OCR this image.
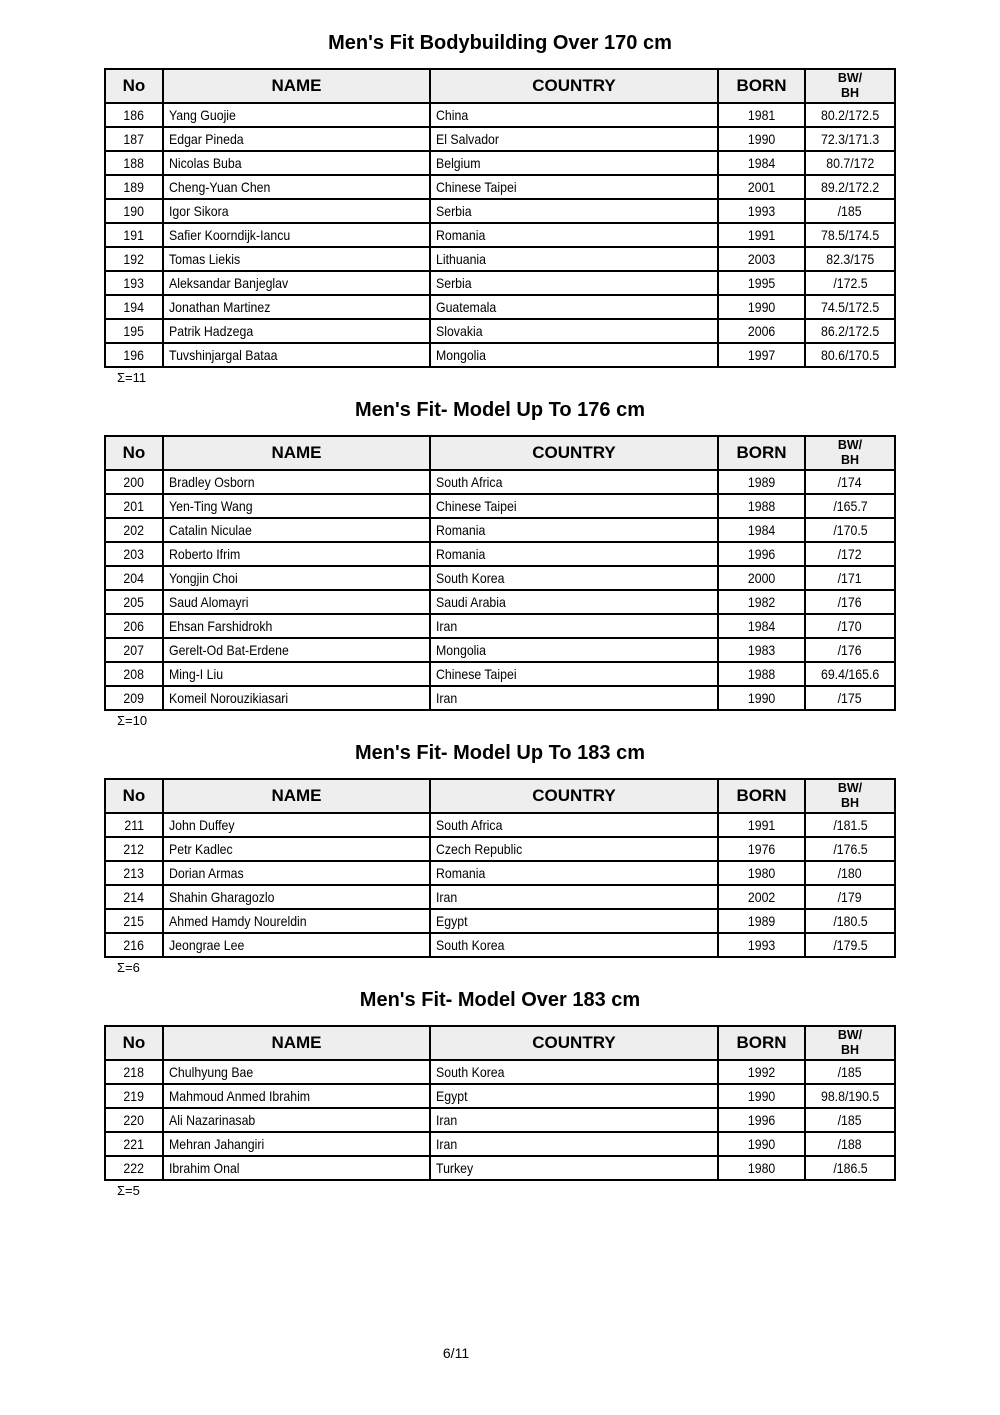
Men's Fit Bodybuilding Over 170 cm
No	NAME	COUNTRY	BORN	BW/
BH
186	Yang Guojie	China	1981	80.2/172.5
187	Edgar Pineda	El Salvador	1990	72.3/171.3
188	Nicolas Buba	Belgium	1984	80.7/172
189	Cheng-Yuan Chen	Chinese Taipei	2001	89.2/172.2
190	Igor Sikora	Serbia	1993	/185
191	Safier Koorndijk-Iancu	Romania	1991	78.5/174.5
192	Tomas Liekis	Lithuania	2003	82.3/175
193	Aleksandar Banjeglav	Serbia	1995	/172.5
194	Jonathan Martinez	Guatemala	1990	74.5/172.5
195	Patrik Hadzega	Slovakia	2006	86.2/172.5
196	Tuvshinjargal Bataa	Mongolia	1997	80.6/170.5
Σ=11
Men's Fit- Model Up To 176 cm
No	NAME	COUNTRY	BORN	BW/
BH
200	Bradley Osborn	South Africa	1989	/174
201	Yen-Ting Wang	Chinese Taipei	1988	/165.7
202	Catalin Niculae	Romania	1984	/170.5
203	Roberto Ifrim	Romania	1996	/172
204	Yongjin Choi	South Korea	2000	/171
205	Saud Alomayri	Saudi Arabia	1982	/176
206	Ehsan Farshidrokh	Iran	1984	/170
207	Gerelt-Od Bat-Erdene	Mongolia	1983	/176
208	Ming-I Liu	Chinese Taipei	1988	69.4/165.6
209	Komeil Norouzikiasari	Iran	1990	/175
Σ=10
Men's Fit- Model Up To 183 cm
No	NAME	COUNTRY	BORN	BW/
BH
211	John Duffey	South Africa	1991	/181.5
212	Petr Kadlec	Czech Republic	1976	/176.5
213	Dorian Armas	Romania	1980	/180
214	Shahin Gharagozlo	Iran	2002	/179
215	Ahmed Hamdy Noureldin	Egypt	1989	/180.5
216	Jeongrae Lee	South Korea	1993	/179.5
Σ=6
Men's Fit- Model Over 183 cm
No	NAME	COUNTRY	BORN	BW/
BH
218	Chulhyung Bae	South Korea	1992	/185
219	Mahmoud Anmed Ibrahim	Egypt	1990	98.8/190.5
220	Ali Nazarinasab	Iran	1996	/185
221	Mehran Jahangiri	Iran	1990	/188
222	Ibrahim Onal	Turkey	1980	/186.5
Σ=5
6/11
